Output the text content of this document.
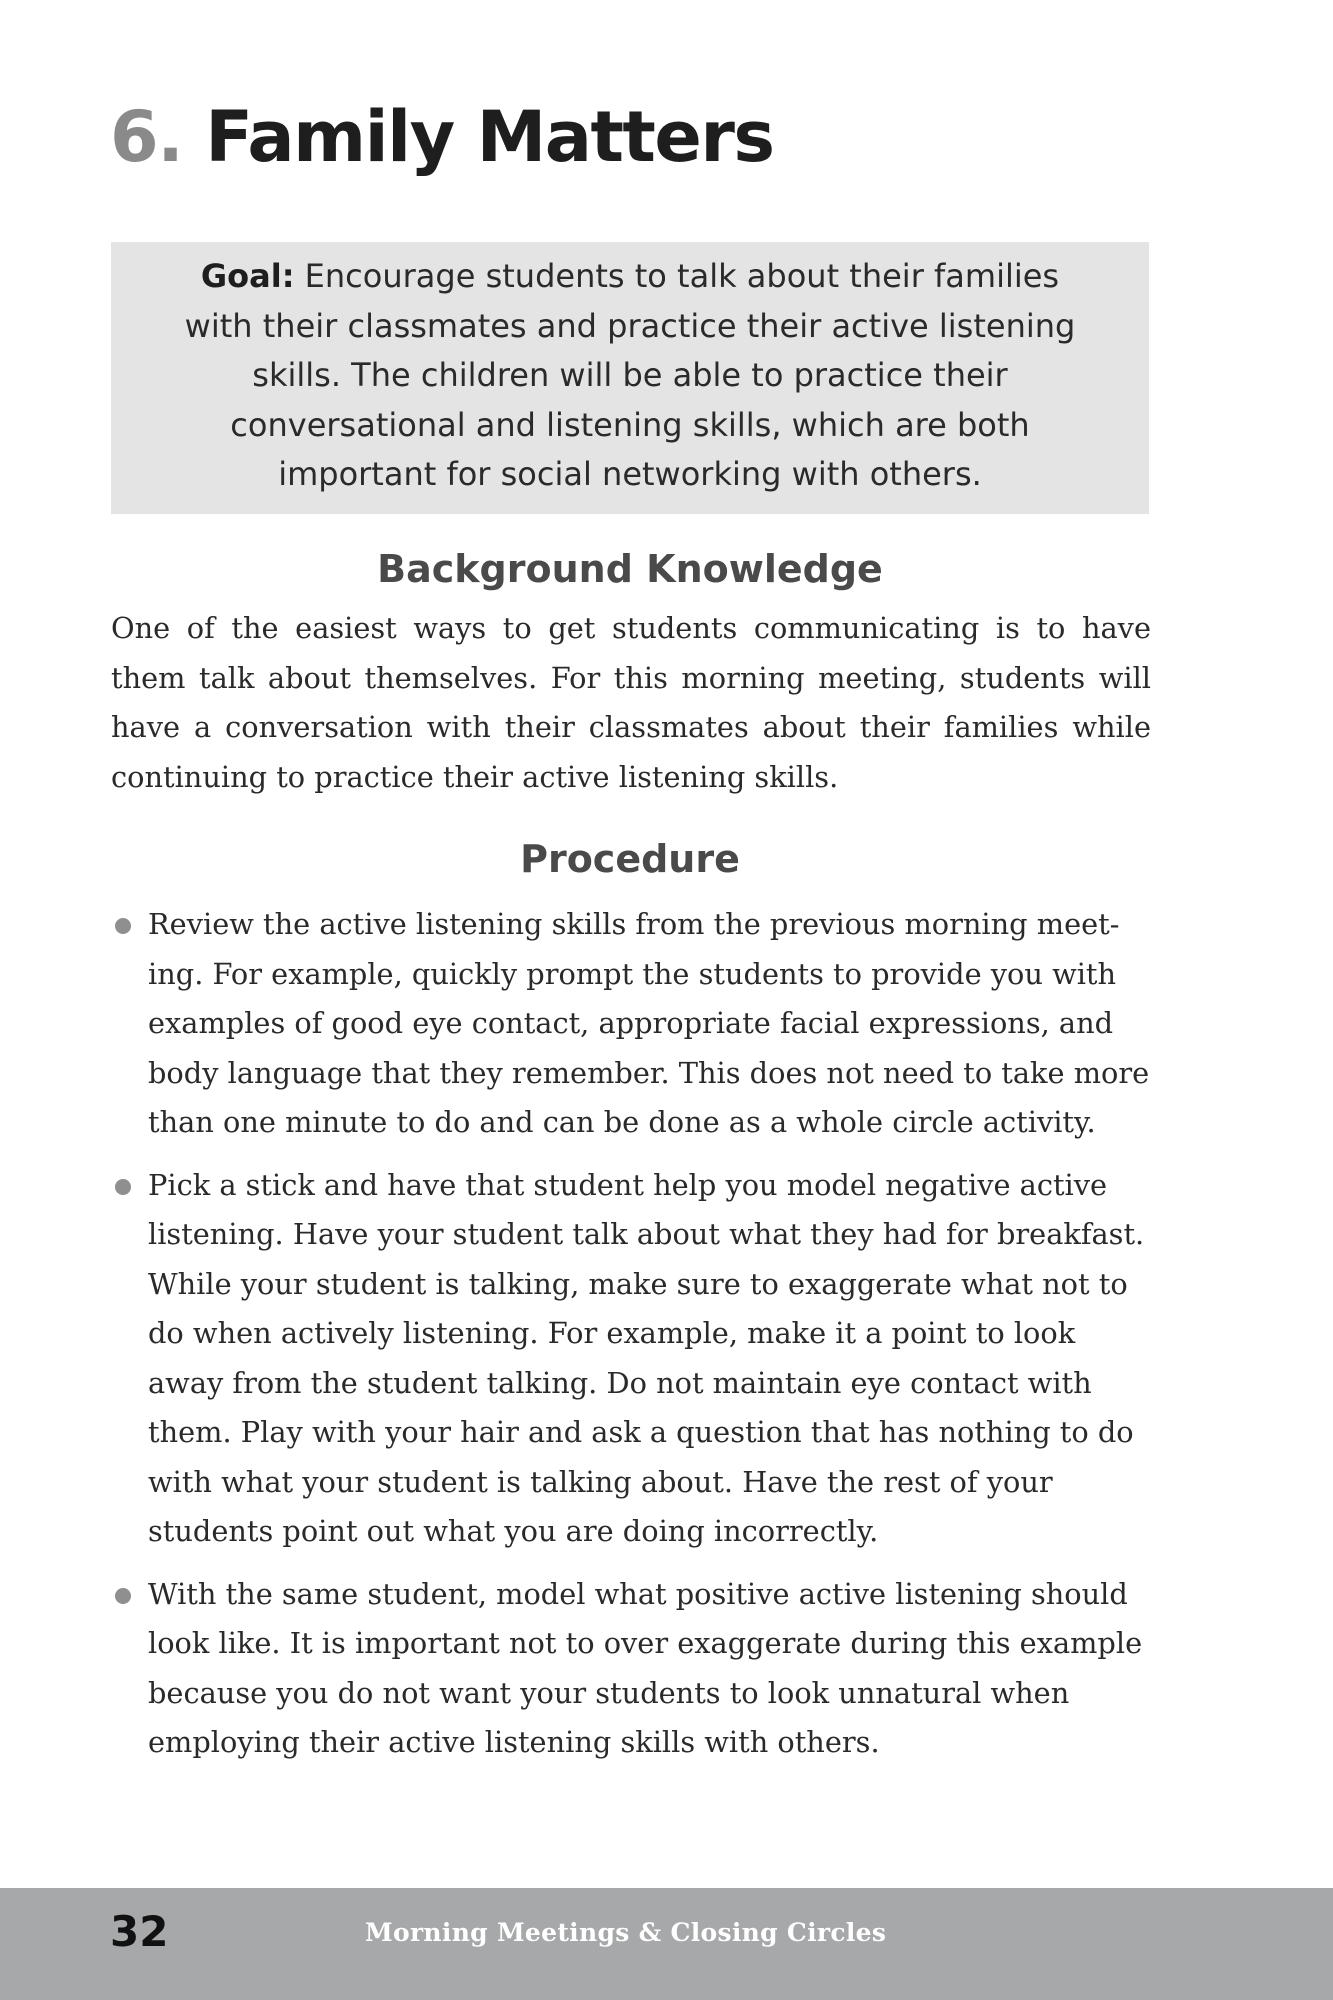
6. Family Matters
Goal: Encourage students to talk about their families with their classmates and practice their active listening skills. The children will be able to practice their conversational and listening skills, which are both important for social networking with others.
Background Knowledge

One of the easiest ways to get students communicating is to have them talk about themselves. For this morning meeting, students will have a conversation with their classmates about their families while continuing to practice their active listening skills.

Procedure
Review the active listening skills from the previous morning meeting. For example, quickly prompt the students to provide you with examples of good eye contact, appropriate facial expressions, and body language that they remember. This does not need to take more than one minute to do and can be done as a whole circle activity.
Pick a stick and have that student help you model negative active listening. Have your student talk about what they had for breakfast. While your student is talking, make sure to exaggerate what not to do when actively listening. For example, make it a point to look away from the student talking. Do not maintain eye contact with them. Play with your hair and ask a question that has nothing to do with what your student is talking about. Have the rest of your students point out what you are doing incorrectly.
With the same student, model what positive active listening should look like. It is important not to over exaggerate during this example because you do not want your students to look unnatural when employing their active listening skills with others.
32	Morning Meetings & Closing Circles
